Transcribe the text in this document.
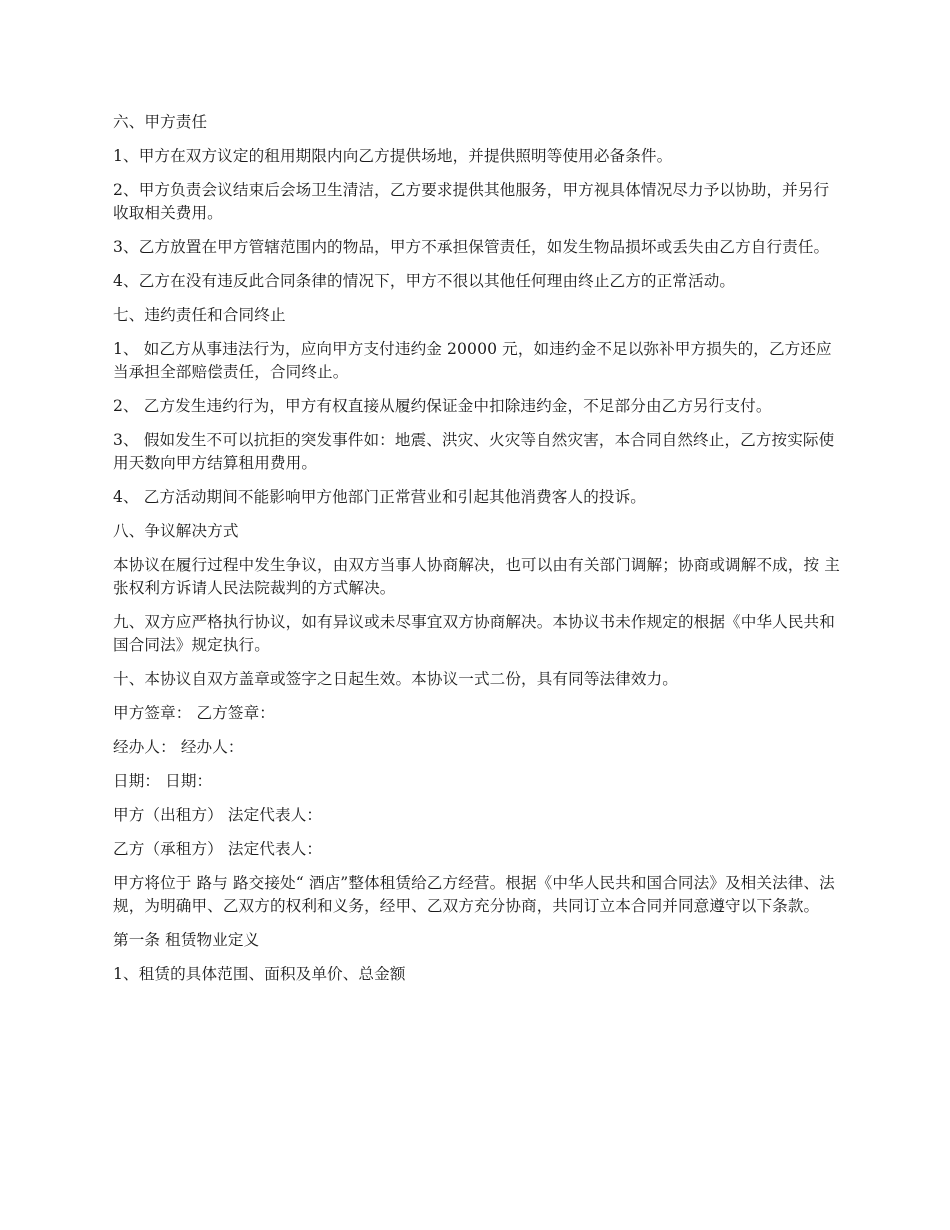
六、甲方责任

1、甲方在双方议定的租用期限内向乙方提供场地，并提供照明等使用必备条件。

2、甲方负责会议结束后会场卫生清洁，乙方要求提供其他服务，甲方视具体情况尽力予以协助，并另行收取相关费用。

3、乙方放置在甲方管辖范围内的物品，甲方不承担保管责任，如发生物品损坏或丢失由乙方自行责任。

4、乙方在没有违反此合同条律的情况下，甲方不很以其他任何理由终止乙方的正常活动。

七、违约责任和合同终止

1、 如乙方从事违法行为，应向甲方支付违约金 20000 元，如违约金不足以弥补甲方损失的，乙方还应当承担全部赔偿责任，合同终止。

2、 乙方发生违约行为，甲方有权直接从履约保证金中扣除违约金，不足部分由乙方另行支付。

3、 假如发生不可以抗拒的突发事件如：地震、洪灾、火灾等自然灾害，本合同自然终止，乙方按实际使用天数向甲方结算租用费用。

4、 乙方活动期间不能影响甲方他部门正常营业和引起其他消费客人的投诉。

八、争议解决方式

本协议在履行过程中发生争议，由双方当事人协商解决，也可以由有关部门调解；协商或调解不成，按 主张权利方诉请人民法院裁判的方式解决。

九、双方应严格执行协议，如有异议或未尽事宜双方协商解决。本协议书未作规定的根据《中华人民共和国合同法》规定执行。

十、本协议自双方盖章或签字之日起生效。本协议一式二份，具有同等法律效力。

甲方签章： 乙方签章：

经办人： 经办人：

日期： 日期：

甲方（出租方） 法定代表人：

乙方（承租方） 法定代表人：

甲方将位于 路与 路交接处“ 酒店”整体租赁给乙方经营。根据《中华人民共和国合同法》及相关法律、法规，为明确甲、乙双方的权利和义务，经甲、乙双方充分协商，共同订立本合同并同意遵守以下条款。

第一条 租赁物业定义

1、租赁的具体范围、面积及单价、总金额
